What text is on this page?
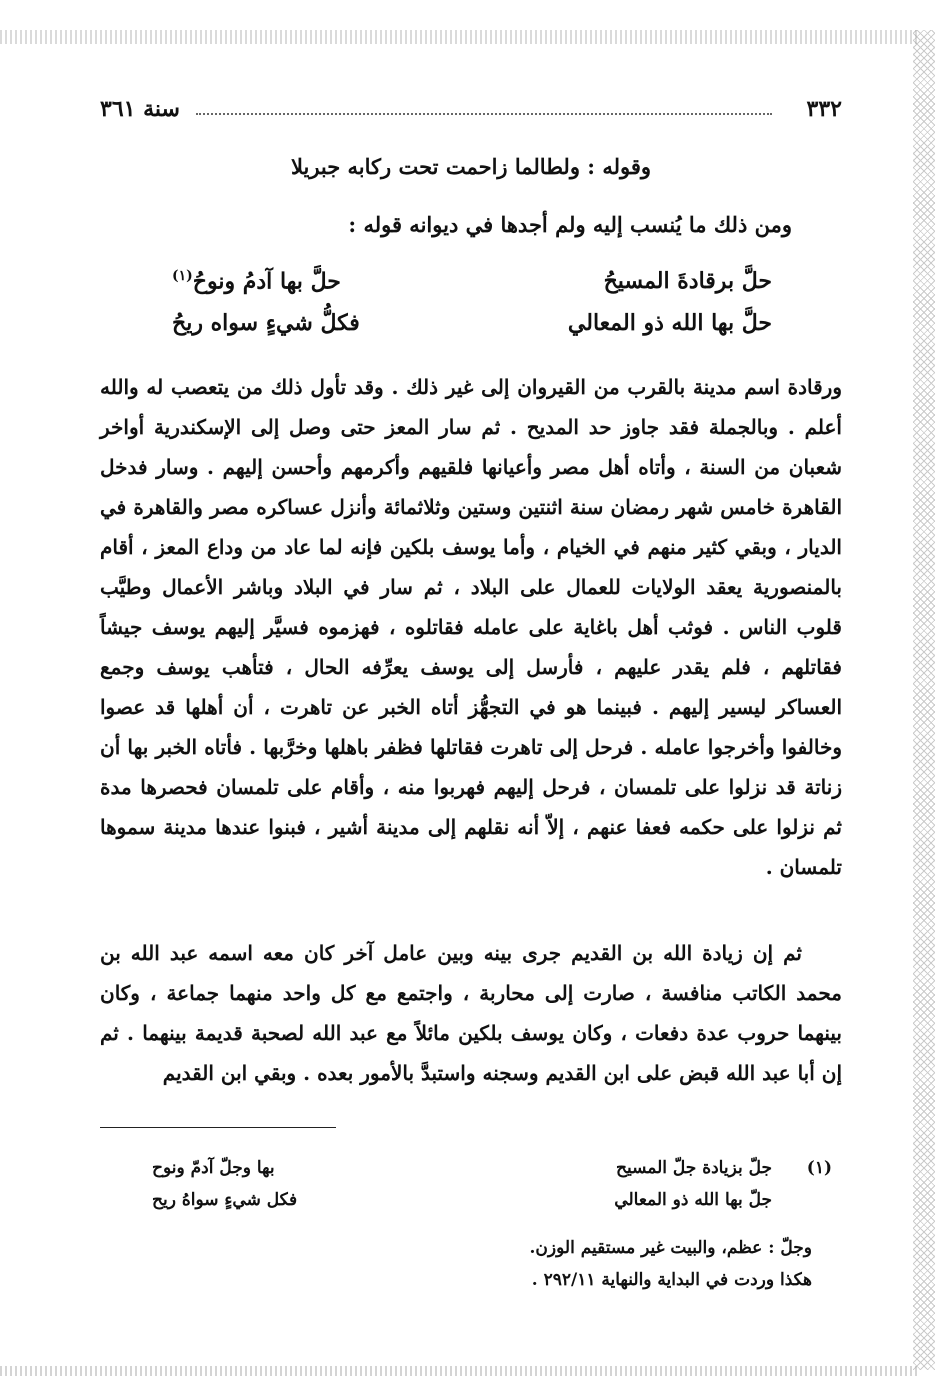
٣٣٢
سنة ٣٦١
وقوله : ولطالما زاحمت تحت ركابه جبريلا
ومن ذلك ما يُنسب إليه ولم أجدها في ديوانه قوله :
حلَّ برقادةَ المسيحُ
حلَّ بها آدمُ ونوحُ$^{(١)}$
حلَّ بها الله ذو المعالي
فكلُّ شيءٍ سواه ريحُ
ورقادة اسم مدينة بالقرب من القيروان إلى غير ذلك . وقد تأول ذلك من يتعصب له والله أعلم . وبالجملة فقد جاوز حد المديح . ثم سار المعز حتى وصل إلى الإسكندرية أواخر شعبان من السنة ، وأتاه أهل مصر وأعيانها فلقيهم وأكرمهم وأحسن إليهم . وسار فدخل القاهرة خامس شهر رمضان سنة اثنتين وستين وثلاثمائة وأنزل عساكره مصر والقاهرة في الديار ، وبقي كثير منهم في الخيام ، وأما يوسف بلكين فإنه لما عاد من وداع المعز ، أقام بالمنصورية يعقد الولايات للعمال على البلاد ، ثم سار في البلاد وباشر الأعمال وطيَّب قلوب الناس . فوثب أهل باغاية على عامله فقاتلوه ، فهزموه فسيَّر إليهم يوسف جيشاً فقاتلهم ، فلم يقدر عليهم ، فأرسل إلى يوسف يعرِّفه الحال ، فتأهب يوسف وجمع العساكر ليسير إليهم . فبينما هو في التجهُّز أتاه الخبر عن تاهرت ، أن أهلها قد عصوا وخالفوا وأخرجوا عامله . فرحل إلى تاهرت فقاتلها فظفر باهلها وخرَّبها . فأتاه الخبر بها أن زناتة قد نزلوا على تلمسان ، فرحل إليهم فهربوا منه ، وأقام على تلمسان فحصرها مدة ثم نزلوا على حكمه فعفا عنهم ، إلاّ أنه نقلهم إلى مدينة أشير ، فبنوا عندها مدينة سموها تلمسان .
ثم إن زيادة الله بن القديم جرى بينه وبين عامل آخر كان معه اسمه عبد الله بن محمد الكاتب منافسة ، صارت إلى محاربة ، واجتمع مع كل واحد منهما جماعة ، وكان بينهما حروب عدة دفعات ، وكان يوسف بلكين مائلاً مع عبد الله لصحبة قديمة بينهما . ثم إن أبا عبد الله قبض على ابن القديم وسجنه واستبدَّ بالأمور بعده . وبقي ابن القديم
(١)
جلّ بزيادة جلّ المسيح
بها وجلّ آدمّ ونوح
جلّ بها الله ذو المعالي
فكل شيءٍ سواهُ ريح
وجلّ : عظم، والبيت غير مستقيم الوزن.
هكذا وردت في البداية والنهاية ٢٩٢/١١ .
